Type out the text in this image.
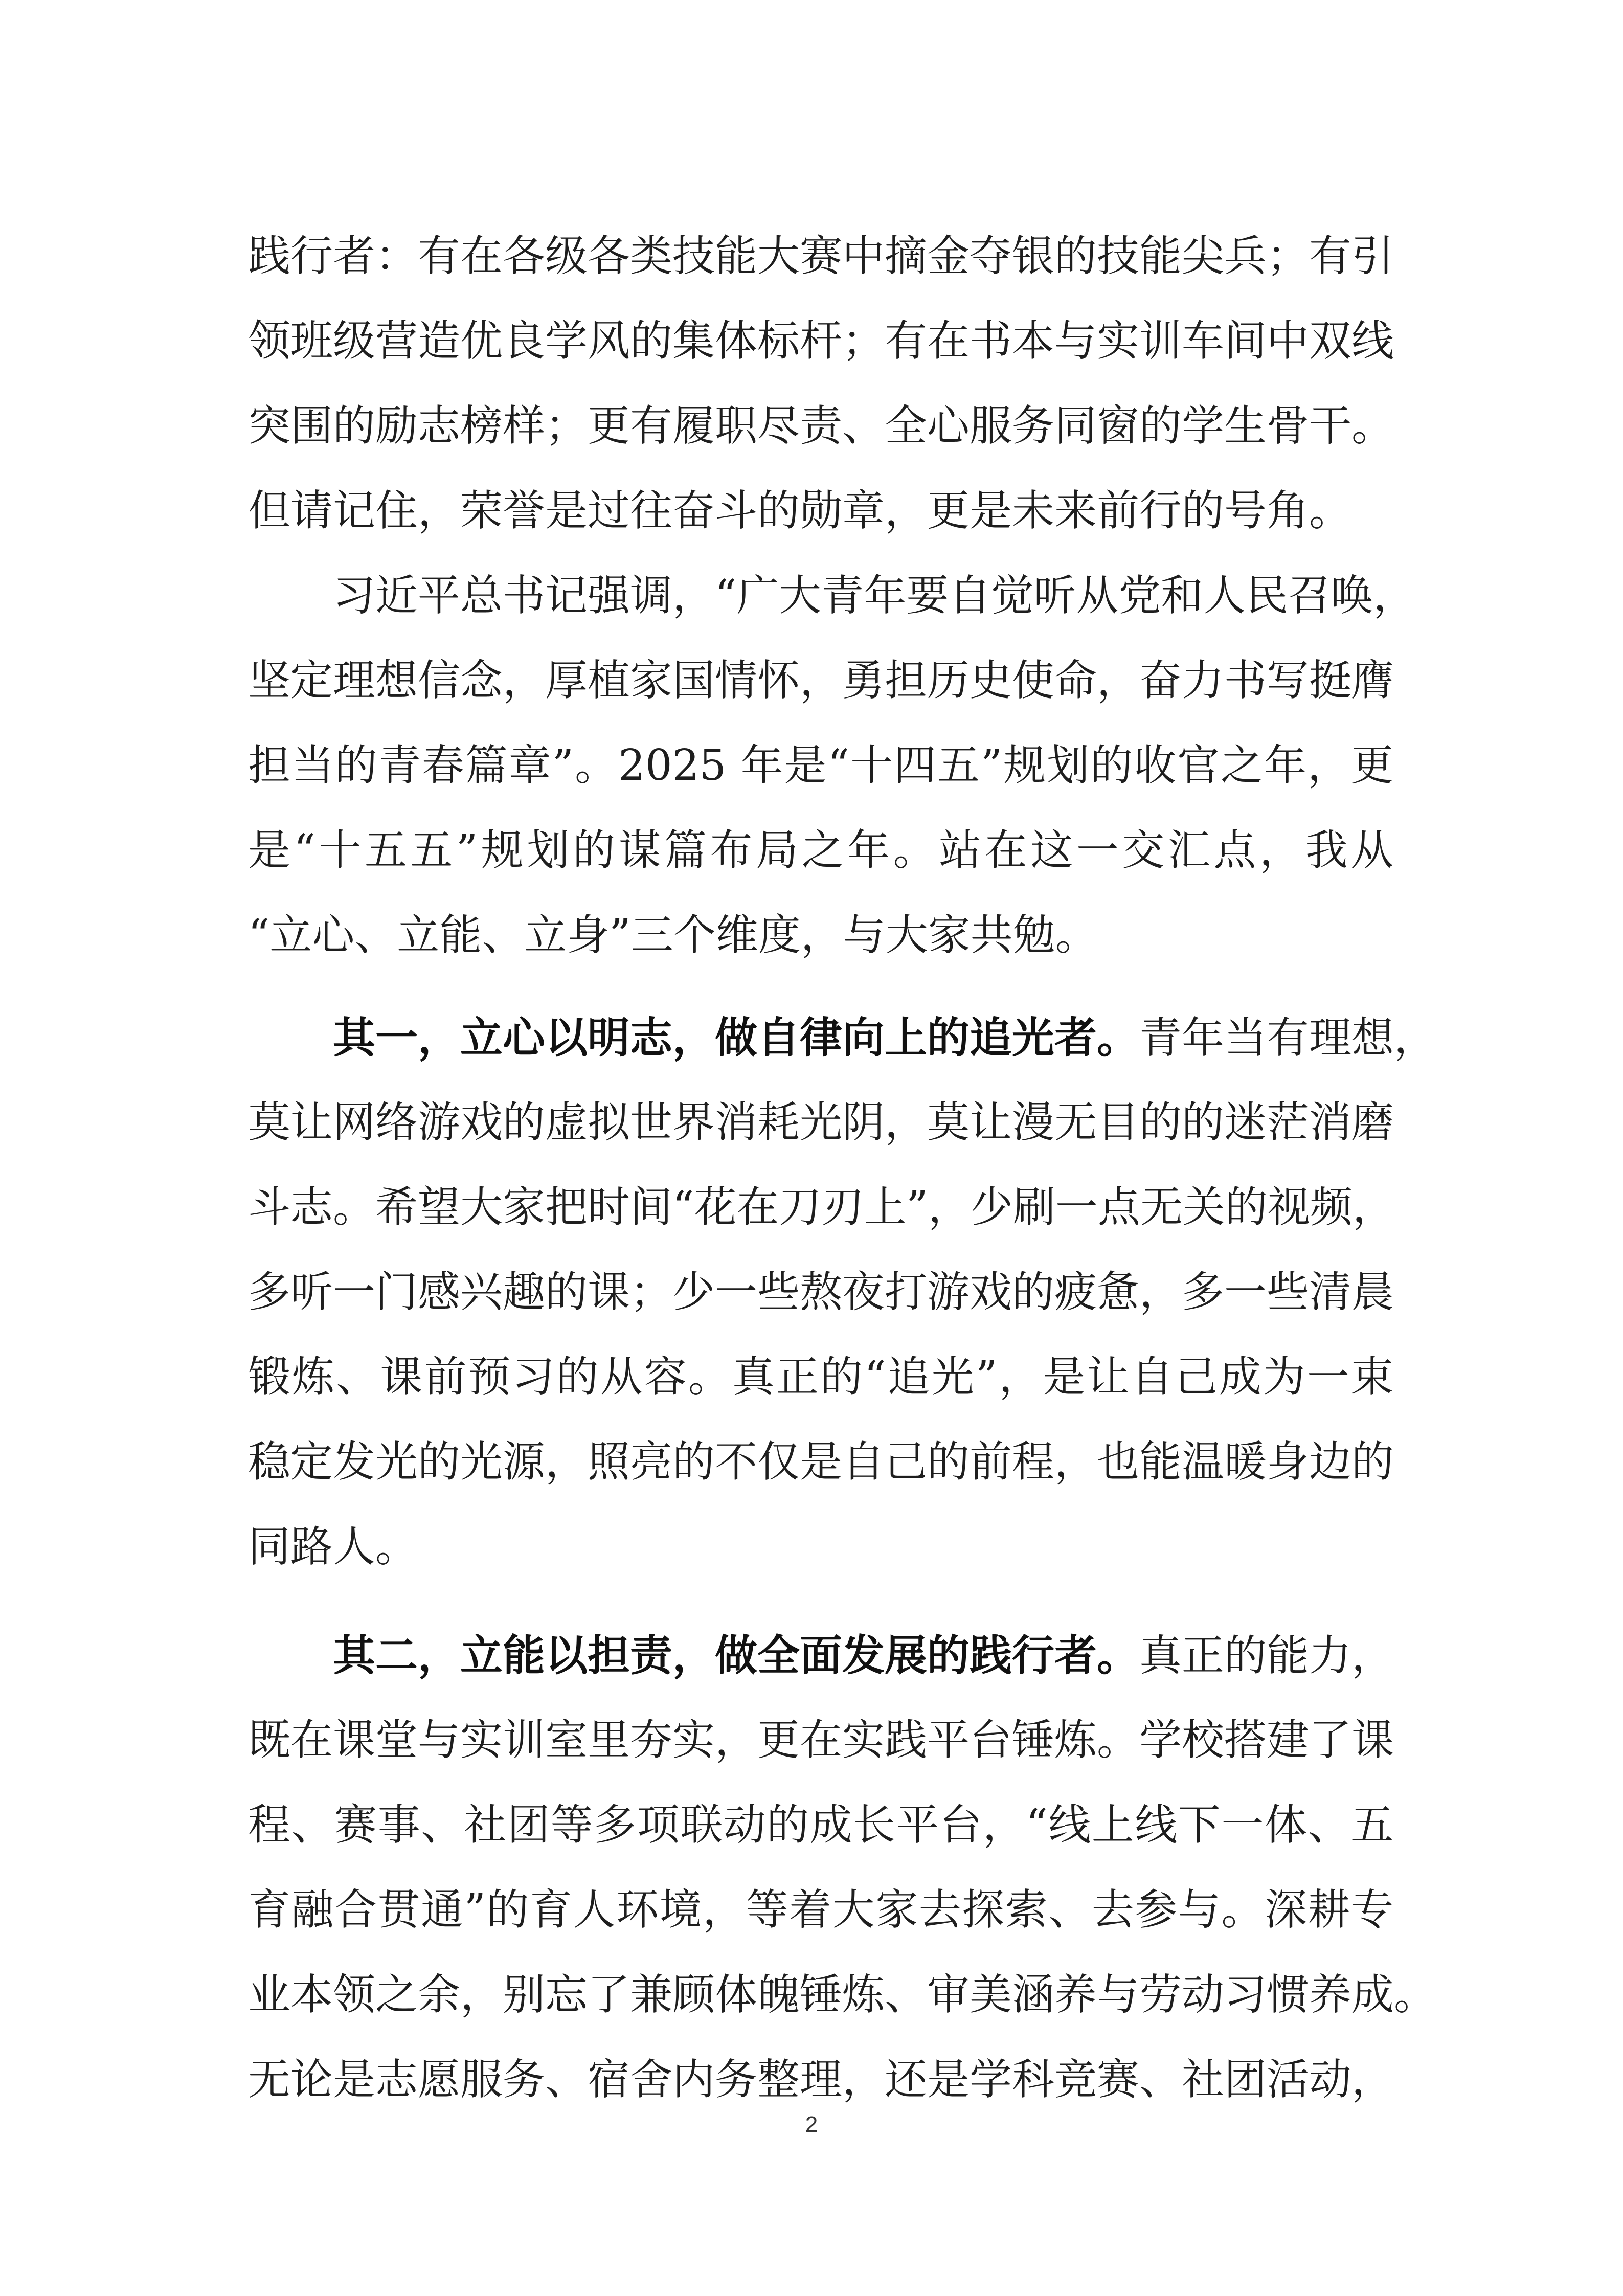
践行者：有在各级各类技能大赛中摘金夺银的技能尖兵；有引
领班级营造优良学风的集体标杆；有在书本与实训车间中双线
突围的励志榜样；更有履职尽责、全心服务同窗的学生骨干。
但请记住，荣誉是过往奋斗的勋章，更是未来前行的号角。
习近平总书记强调，“广大青年要自觉听从党和人民召唤，
坚定理想信念，厚植家国情怀，勇担历史使命，奋力书写挺膺
担当的青春篇章”。2025 年是“十四五”规划的收官之年，更
是“十五五”规划的谋篇布局之年。站在这一交汇点，我从
“立心、立能、立身”三个维度，与大家共勉。
其一，立心以明志，做自律向上的追光者。青年当有理想，
莫让网络游戏的虚拟世界消耗光阴，莫让漫无目的的迷茫消磨
斗志。希望大家把时间“花在刀刃上”，少刷一点无关的视频，
多听一门感兴趣的课；少一些熬夜打游戏的疲惫，多一些清晨
锻炼、课前预习的从容。真正的“追光”，是让自己成为一束
稳定发光的光源，照亮的不仅是自己的前程，也能温暖身边的
同路人。
其二，立能以担责，做全面发展的践行者。真正的能力，
既在课堂与实训室里夯实，更在实践平台锤炼。学校搭建了课
程、赛事、社团等多项联动的成长平台，“线上线下一体、五
育融合贯通”的育人环境，等着大家去探索、去参与。深耕专
业本领之余，别忘了兼顾体魄锤炼、审美涵养与劳动习惯养成。
无论是志愿服务、宿舍内务整理，还是学科竞赛、社团活动，
2
